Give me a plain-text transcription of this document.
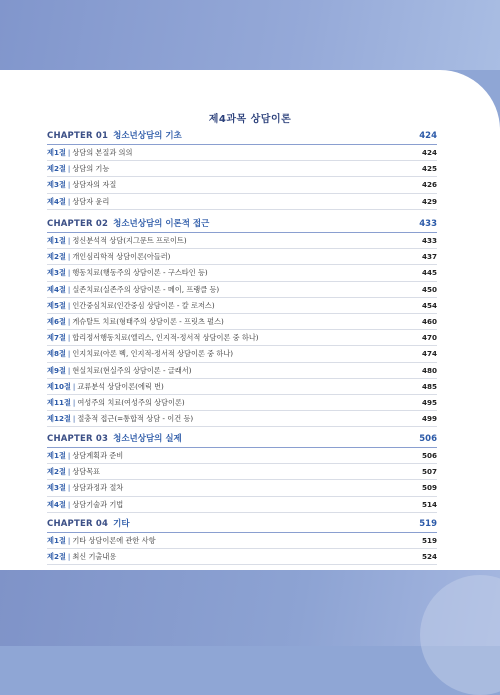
제4과목 상담이론
CHAPTER 01 청소년상담의 기초	424
제1절 | 상담의 본질과 의의	424
제2절 | 상담의 기능	425
제3절 | 상담자의 자질	426
제4절 | 상담자 윤리	429
CHAPTER 02 청소년상담의 이론적 접근	433
제1절 | 정신분석적 상담(지그문트 프로이트)	433
제2절 | 개인심리학적 상담이론(아들러)	437
제3절 | 행동치료(행동주의 상담이론 - 구스타인 등)	445
제4절 | 실존치료(실존주의 상담이론 - 메이, 프랭클 등)	450
제5절 | 인간중심치료(인간중심 상담이론 - 칼 로저스)	454
제6절 | 게슈탈트 치료(형태주의 상담이론 - 프릿츠 펄스)	460
제7절 | 합리정서행동치료(엘리스, 인지적-정서적 상담이론 중 하나)	470
제8절 | 인지치료(아론 벡, 인지적-정서적 상담이론 중 하나)	474
제9절 | 현실치료(현실주의 상담이론 - 글래서)	480
제10절 | 교류분석 상담이론(에릭 번)	485
제11절 | 여성주의 치료(여성주의 상담이론)	495
제12절 | 절충적 접근(=통합적 상담 - 이건 등)	499
CHAPTER 03 청소년상담의 실제	506
제1절 | 상담계획과 준비	506
제2절 | 상담목표	507
제3절 | 상담과정과 절차	509
제4절 | 상담기술과 기법	514
CHAPTER 04 기타	519
제1절 | 기타 상담이론에 관한 사항	519
제2절 | 최신 기출내용	524
